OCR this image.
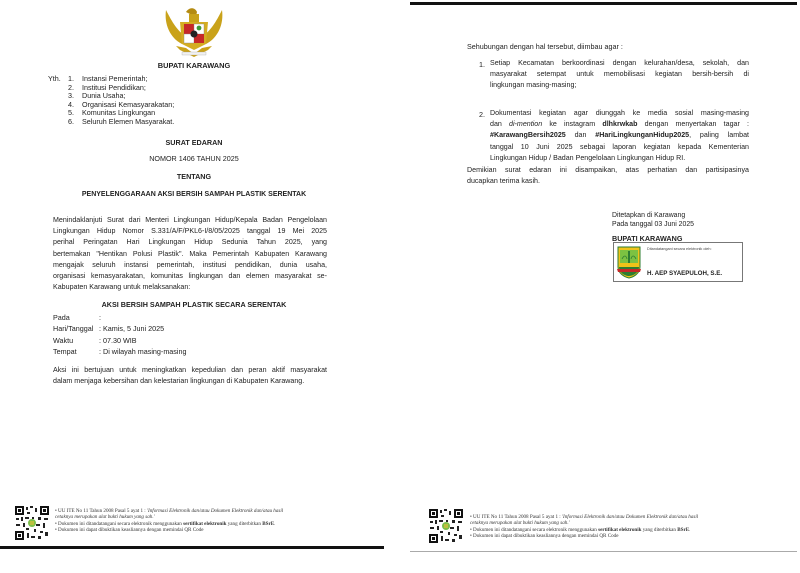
BUPATI KARAWANG
Yth. 1. Instansi Pemerintah;
2. Institusi Pendidikan;
3. Dunia Usaha;
4. Organisasi Kemasyarakatan;
5. Komunitas Lingkungan
6. Seluruh Elemen Masyarakat.
SURAT EDARAN
NOMOR 1406 TAHUN 2025
TENTANG
PENYELENGGARAAN AKSI BERSIH SAMPAH PLASTIK SERENTAK
Menindaklanjuti Surat dari Menteri Lingkungan Hidup/Kepala Badan Pengelolaan
Lingkungan Hidup Nomor S.331/A/F/PKL6-I/8/05/2025 tanggal 19 Mei 2025
perihal Peringatan Hari Lingkungan Hidup Sedunia Tahun 2025, yang
bertemakan "Hentikan Polusi Plastik". Maka Pemerintah Kabupaten Karawang
mengajak seluruh instansi pemerintah, institusi pendidikan, dunia usaha,
organisasi kemasyarakatan, komunitas lingkungan dan elemen masyarakat se-
Kabupaten Karawang untuk melaksanakan:
AKSI BERSIH SAMPAH PLASTIK SECARA SERENTAK
Pada	:
Hari/Tanggal : Kamis, 5 Juni 2025
Waktu	: 07.30 WIB
Tempat	: Di wilayah masing-masing
Aksi ini bertujuan untuk meningkatkan kepedulian dan peran aktif masyarakat
dalam menjaga kebersihan dan kelestarian lingkungan di Kabupaten Karawang.
• UU ITE No 11 Tahun 2008 Pasal 5 ayat 1 : 'Informasi Elektronik dan/atau Dokumen Elektronik dan/atau hasil
cetaknya merupakan alat bukti hukum yang sah.'
• Dokumen ini ditandatangani secara elektronik menggunakan sertifikat elektronik yang diterbitkan BSrE.
• Dokumen ini dapat dibuktikan keasliannya dengan memindai QR Code
Sehubungan dengan hal tersebut, diimbau agar :
1. Setiap Kecamatan berkoordinasi dengan kelurahan/desa, sekolah, dan
masyarakat setempat untuk memobilisasi kegiatan bersih-bersih di
lingkungan masing-masing;
2. Dokumentasi kegiatan agar diunggah ke media sosial masing-masing
dan di-mention ke instagram dlhkrwkab dengan menyertakan tagar :
#KarawangBersih2025 dan #HariLingkunganHidup2025, paling lambat
tanggal 10 Juni 2025 sebagai laporan kegiatan kepada Kementerian
Lingkungan Hidup / Badan Pengelolaan Lingkungan Hidup RI.
Demikian surat edaran ini disampaikan, atas perhatian dan partisipasinya
ducapkan terima kasih.
Ditetapkan di Karawang
Pada tanggal 03 Juni 2025
BUPATI KARAWANG
Ditandatangani secara elektronik oleh:
H. AEP SYAEPULOH, S.E.
• UU ITE No 11 Tahun 2008 Pasal 5 ayat 1 : 'Informasi Elektronik dan/atau Dokumen Elektronik dan/atau hasil
cetaknya merupakan alat bukti hukum yang sah.'
• Dokumen ini ditandatangani secara elektronik menggunakan sertifikat elektronik yang diterbitkan BSrE.
• Dokumen ini dapat dibuktikan keasliannya dengan memindai QR Code
